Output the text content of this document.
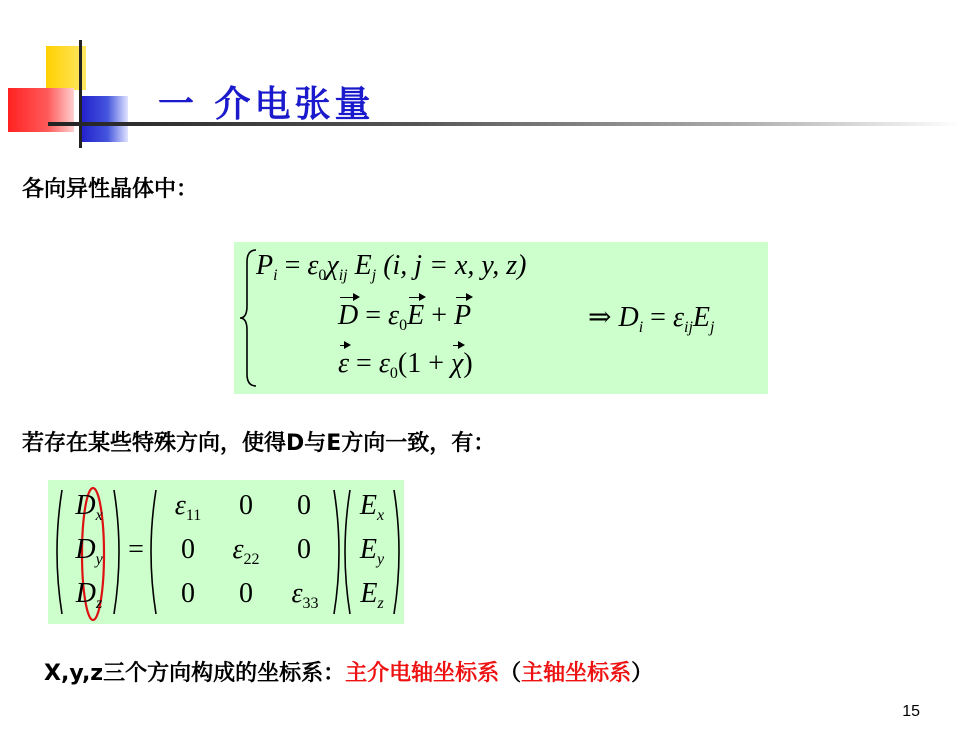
一 介电张量
各向异性晶体中：
$P_i = \varepsilon_0\chi_{ij}$ $E_j$ (i, j = x, y, z)
$D = \varepsilon_0E + P$
$\varepsilon = \varepsilon_0(1 + \chi)$
⇒ $D_i = \varepsilon_{ij}E_j$
若存在某些特殊方向，使得D与E方向一致，有：
$D_x$
$D_y$
$D_z$
=
$\varepsilon_{11}$	0	0
0	$\varepsilon_{22}$	0
0	0	$\varepsilon_{33}$
$E_x$
$E_y$
$E_z$
X,y,z三个方向构成的坐标系：主介电轴坐标系（主轴坐标系）
15
